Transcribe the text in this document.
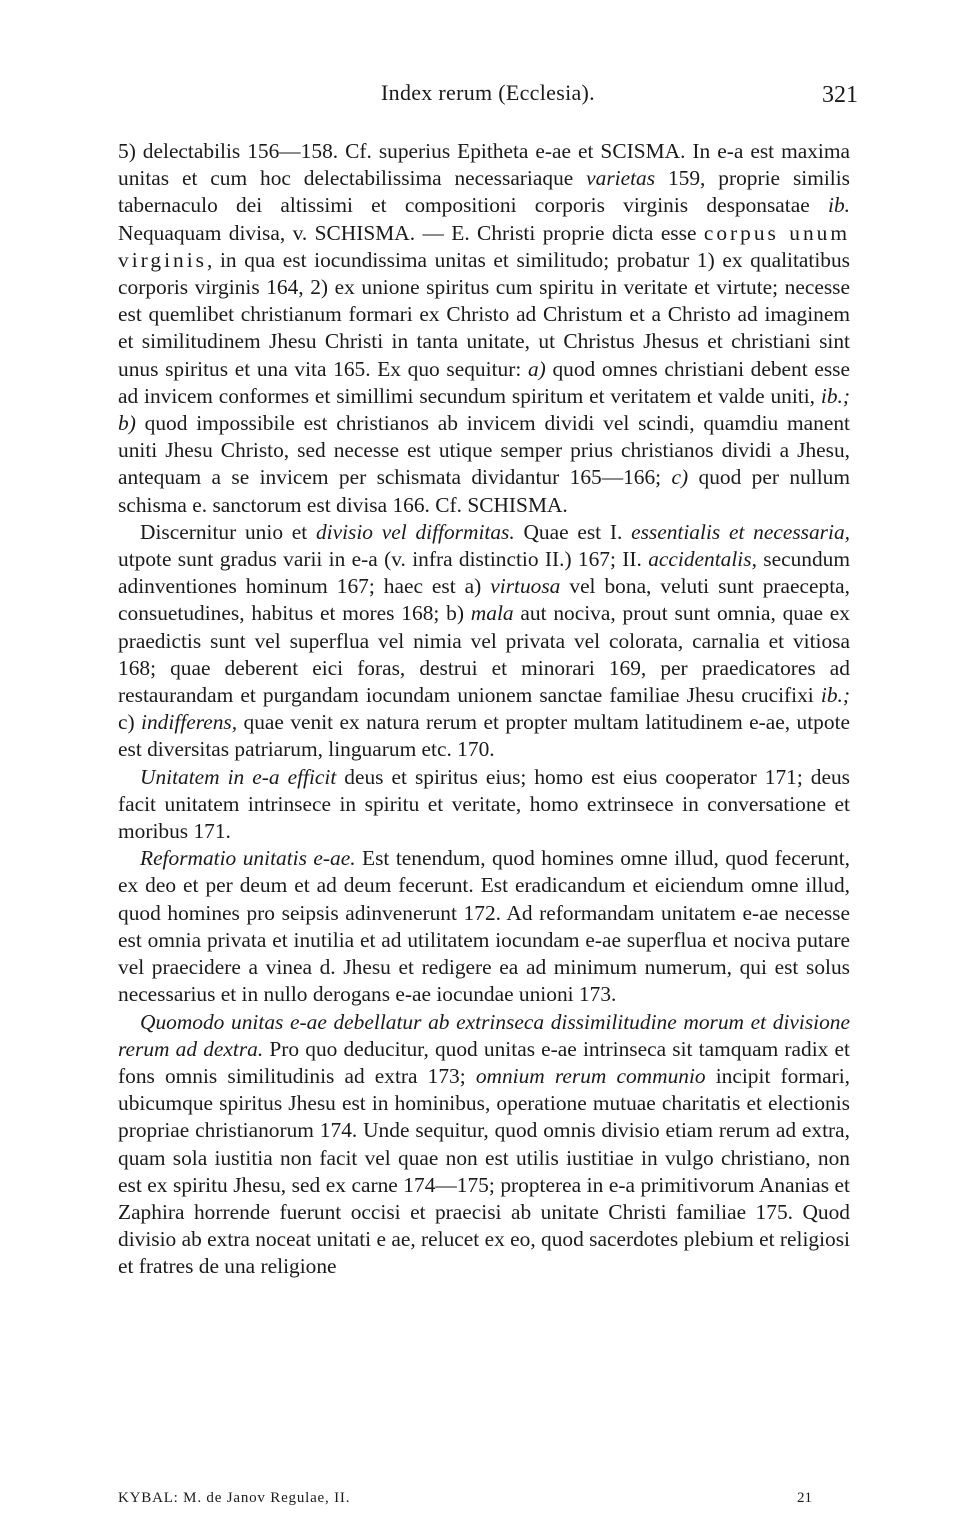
Index rerum (Ecclesia).	321

5) delectabilis 156—158. Cf. superius Epitheta e-ae et SCISMA. In e-a est maxima unitas et cum hoc delectabilissima necessariaque varietas 159, proprie similis tabernaculo dei altissimi et compositioni corporis virginis desponsatae ib. Nequaquam divisa, v. SCHISMA. — E. Christi proprie dicta esse corpus unum virginis, in qua est iocundissima unitas et similitudo; probatur 1) ex qualitatibus corporis virginis 164, 2) ex unione spiritus cum spiritu in veritate et virtute; necesse est quemlibet christianum formari ex Christo ad Christum et a Christo ad imaginem et similitudinem Jhesu Christi in tanta unitate, ut Christus Jhesus et christiani sint unus spiritus et una vita 165. Ex quo sequitur: a) quod omnes christiani debent esse ad invicem conformes et simillimi secundum spiritum et veritatem et valde uniti, ib.; b) quod impossibile est christianos ab invicem dividi vel scindi, quamdiu manent uniti Jhesu Christo, sed necesse est utique semper prius christianos dividi a Jhesu, antequam a se invicem per schismata dividantur 165—166; c) quod per nullum schisma e. sanctorum est divisa 166. Cf. SCHISMA.

Discernitur unio et divisio vel difformitas. Quae est I. essentialis et necessaria, utpote sunt gradus varii in e-a (v. infra distinctio II.) 167; II. accidentalis, secundum adinventiones hominum 167; haec est a) virtuosa vel bona, veluti sunt praecepta, consuetudines, habitus et mores 168; b) mala aut nociva, prout sunt omnia, quae ex praedictis sunt vel superflua vel nimia vel privata vel colorata, carnalia et vitiosa 168; quae deberent eici foras, destrui et minorari 169, per praedicatores ad restaurandam et purgandam iocundam unionem sanctae familiae Jhesu crucifixi ib.; c) indifferens, quae venit ex natura rerum et propter multam latitudinem e-ae, utpote est diversitas patriarum, linguarum etc. 170.

Unitatem in e-a efficit deus et spiritus eius; homo est eius cooperator 171; deus facit unitatem intrinsece in spiritu et veritate, homo extrinsece in conversatione et moribus 171.

Reformatio unitatis e-ae. Est tenendum, quod homines omne illud, quod fecerunt, ex deo et per deum et ad deum fecerunt. Est eradicandum et eiciendum omne illud, quod homines pro seipsis adinvenerunt 172. Ad reformandam unitatem e-ae necesse est omnia privata et inutilia et ad utilitatem iocundam e-ae superflua et nociva putare vel praecidere a vinea d. Jhesu et redigere ea ad minimum numerum, qui est solus necessarius et in nullo derogans e-ae iocundae unioni 173.

Quomodo unitas e-ae debellatur ab extrinseca dissimilitudine morum et divisione rerum ad dextra. Pro quo deducitur, quod unitas e-ae intrinseca sit tamquam radix et fons omnis similitudinis ad extra 173; omnium rerum communio incipit formari, ubicumque spiritus Jhesu est in hominibus, operatione mutuae charitatis et electionis propriae christianorum 174. Unde sequitur, quod omnis divisio etiam rerum ad extra, quam sola iustitia non facit vel quae non est utilis iustitiae in vulgo christiano, non est ex spiritu Jhesu, sed ex carne 174—175; propterea in e-a primitivorum Ananias et Zaphira horrende fuerunt occisi et praecisi ab unitate Christi familiae 175. Quod divisio ab extra noceat unitati e ae, relucet ex eo, quod sacerdotes plebium et religiosi et fratres de una religione

KYBAL: M. de Janov Regulae, II.	21
